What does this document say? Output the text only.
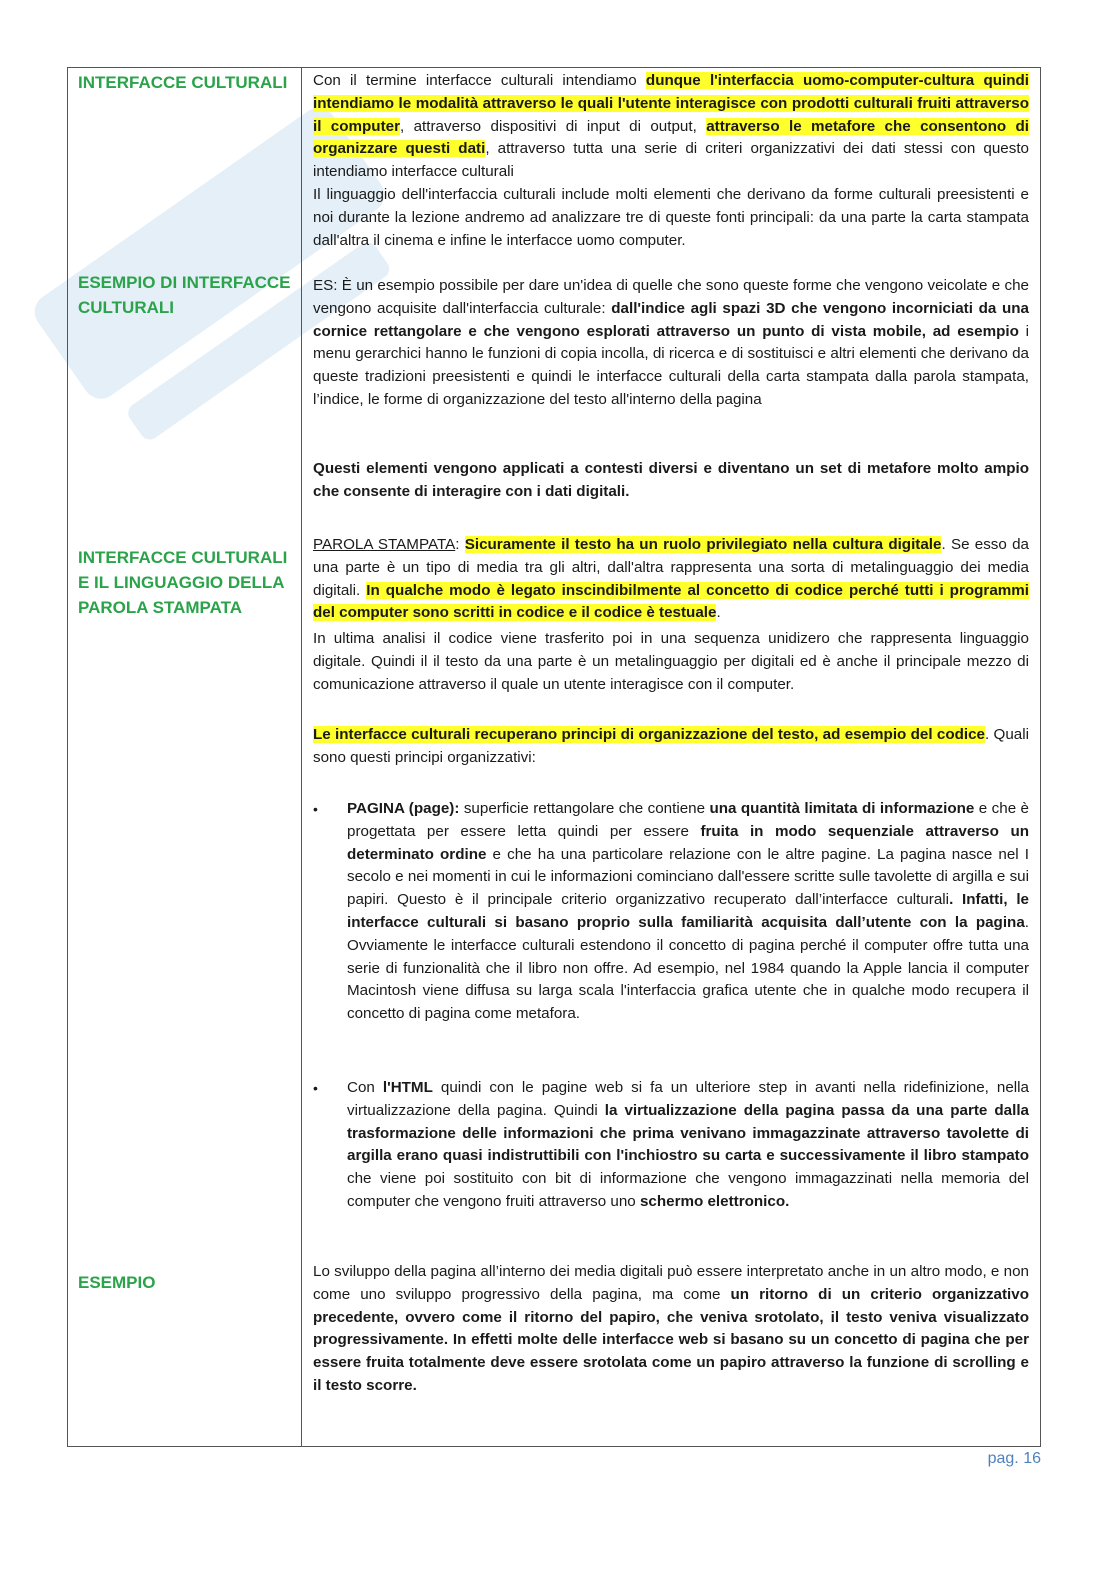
INTERFACCE CULTURALI
ESEMPIO DI INTERFACCE CULTURALI
INTERFACCE CULTURALI E IL LINGUAGGIO DELLA PAROLA STAMPATA
ESEMPIO

Con il termine interfacce culturali intendiamo dunque l'interfaccia uomo-computer-cultura quindi intendiamo le modalità attraverso le quali l'utente interagisce con prodotti culturali fruiti attraverso il computer, attraverso dispositivi di input di output, attraverso le metafore che consentono di organizzare questi dati, attraverso tutta una serie di criteri organizzativi dei dati stessi con questo intendiamo interfacce culturali

Il linguaggio dell'interfaccia culturali include molti elementi che derivano da forme culturali preesistenti e noi durante la lezione andremo ad analizzare tre di queste fonti principali: da una parte la carta stampata dall'altra il cinema e infine le interfacce uomo computer.

ES: È un esempio possibile per dare un'idea di quelle che sono queste forme che vengono veicolate e che vengono acquisite dall'interfaccia culturale: dall'indice agli spazi 3D che vengono incorniciati da una cornice rettangolare e che vengono esplorati attraverso un punto di vista mobile, ad esempio i menu gerarchici hanno le funzioni di copia incolla, di ricerca e di sostituisci e altri elementi che derivano da queste tradizioni preesistenti e quindi le interfacce culturali della carta stampata dalla parola stampata, l’indice, le forme di organizzazione del testo all'interno della pagina

Questi elementi vengono applicati a contesti diversi e diventano un set di metafore molto ampio che consente di interagire con i dati digitali.

PAROLA STAMPATA: Sicuramente il testo ha un ruolo privilegiato nella cultura digitale. Se esso da una parte è un tipo di media tra gli altri, dall'altra rappresenta una sorta di metalinguaggio dei media digitali. In qualche modo è legato inscindibilmente al concetto di codice perché tutti i programmi del computer sono scritti in codice e il codice è testuale.

In ultima analisi il codice viene trasferito poi in una sequenza unidizero che rappresenta linguaggio digitale. Quindi il il testo da una parte è un metalinguaggio per digitali ed è anche il principale mezzo di comunicazione attraverso il quale un utente interagisce con il computer.

Le interfacce culturali recuperano principi di organizzazione del testo, ad esempio del codice. Quali sono questi principi organizzativi:

•	PAGINA (page): superficie rettangolare che contiene una quantità limitata di informazione e che è progettata per essere letta quindi per essere fruita in modo sequenziale attraverso un determinato ordine e che ha una particolare relazione con le altre pagine. La pagina nasce nel I secolo e nei momenti in cui le informazioni cominciano dall'essere scritte sulle tavolette di argilla e sui papiri. Questo è il principale criterio organizzativo recuperato dall’interfacce culturali. Infatti, le interfacce culturali si basano proprio sulla familiarità acquisita dall’utente con la pagina. Ovviamente le interfacce culturali estendono il concetto di pagina perché il computer offre tutta una serie di funzionalità che il libro non offre. Ad esempio, nel 1984 quando la Apple lancia il computer Macintosh viene diffusa su larga scala l'interfaccia grafica utente che in qualche modo recupera il concetto di pagina come metafora.

•	Con l'HTML quindi con le pagine web si fa un ulteriore step in avanti nella ridefinizione, nella virtualizzazione della pagina. Quindi la virtualizzazione della pagina passa da una parte dalla trasformazione delle informazioni che prima venivano immagazzinate attraverso tavolette di argilla erano quasi indistruttibili con l'inchiostro su carta e successivamente il libro stampato che viene poi sostituito con bit di informazione che vengono immagazzinati nella memoria del computer che vengono fruiti attraverso uno schermo elettronico.

Lo sviluppo della pagina all’interno dei media digitali può essere interpretato anche in un altro modo, e non come uno sviluppo progressivo della pagina, ma come un ritorno di un criterio organizzativo precedente, ovvero come il ritorno del papiro, che veniva srotolato, il testo veniva visualizzato progressivamente. In effetti molte delle interfacce web si basano su un concetto di pagina che per essere fruita totalmente deve essere srotolata come un papiro attraverso la funzione di scrolling e il testo scorre.

pag. 16
